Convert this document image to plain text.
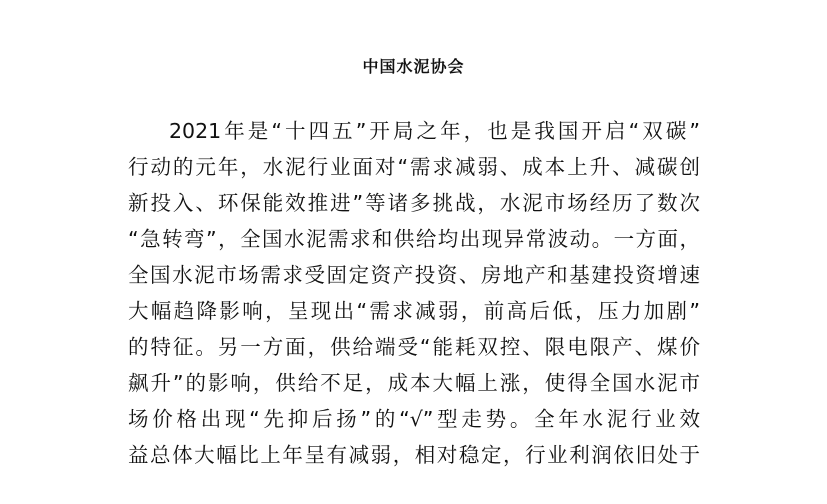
中国水泥协会
2021年是“十四五”开局之年，也是我国开启“双碳”
行动的元年，水泥行业面对“需求减弱、成本上升、减碳创
新投入、环保能效推进”等诸多挑战，水泥市场经历了数次
“急转弯”，全国水泥需求和供给均出现异常波动。一方面，
全国水泥市场需求受固定资产投资、房地产和基建投资增速
大幅趋降影响，呈现出“需求减弱，前高后低，压力加剧”
的特征。另一方面，供给端受“能耗双控、限电限产、煤价
飙升”的影响，供给不足，成本大幅上涨，使得全国水泥市
场价格出现“先抑后扬”的“√”型走势。全年水泥行业效
益总体大幅比上年呈有减弱，相对稳定，行业利润依旧处于
